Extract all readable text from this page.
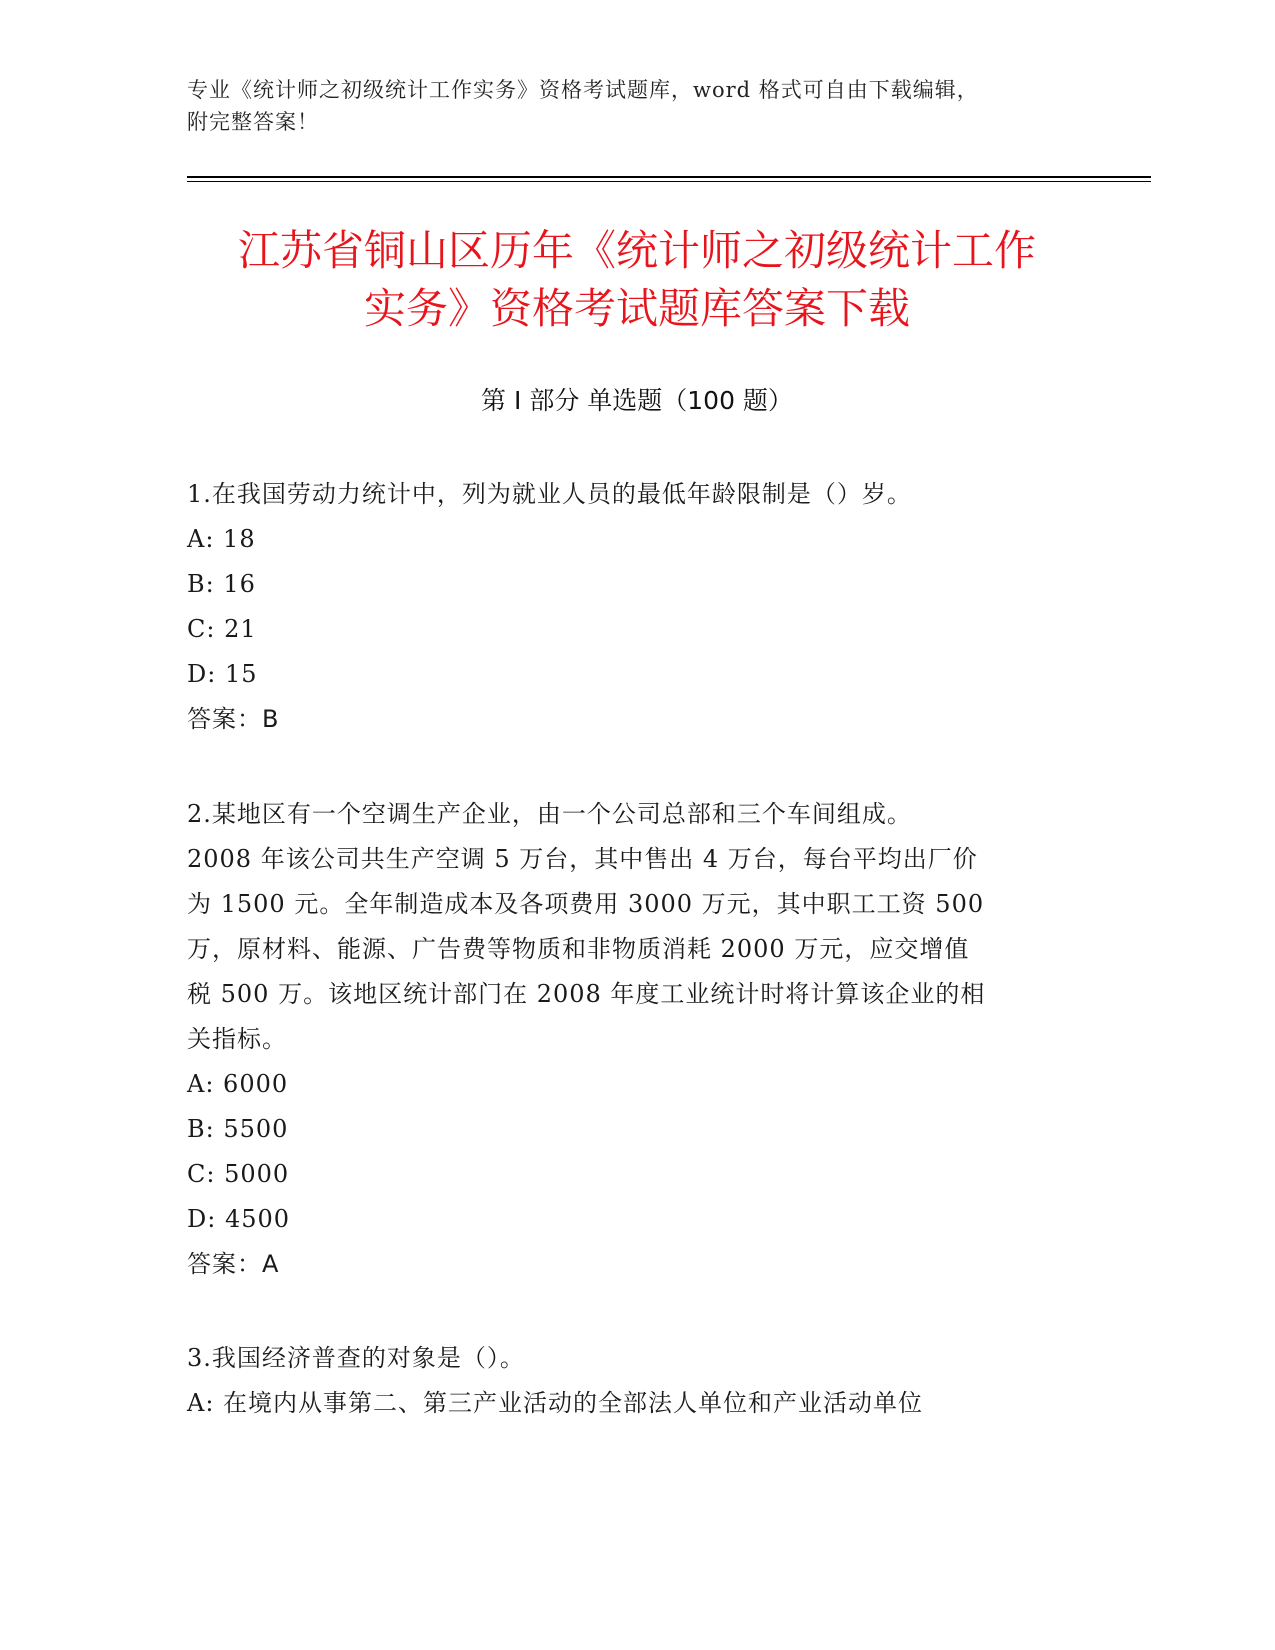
专业《统计师之初级统计工作实务》资格考试题库，word 格式可自由下载编辑，
附完整答案！
江苏省铜山区历年《统计师之初级统计工作
实务》资格考试题库答案下载
第 I 部分 单选题（100 题）

1.在我国劳动力统计中，列为就业人员的最低年龄限制是（）岁。

A: 18

B: 16

C: 21

D: 15

答案：B

2.某地区有一个空调生产企业，由一个公司总部和三个车间组成。

2008 年该公司共生产空调 5 万台，其中售出 4 万台，每台平均出厂价

为 1500 元。全年制造成本及各项费用 3000 万元，其中职工工资 500

万，原材料、能源、广告费等物质和非物质消耗 2000 万元，应交增值

税 500 万。该地区统计部门在 2008 年度工业统计时将计算该企业的相

关指标。

A: 6000

B: 5500

C: 5000

D: 4500

答案：A

3.我国经济普查的对象是（）。

A: 在境内从事第二、第三产业活动的全部法人单位和产业活动单位
